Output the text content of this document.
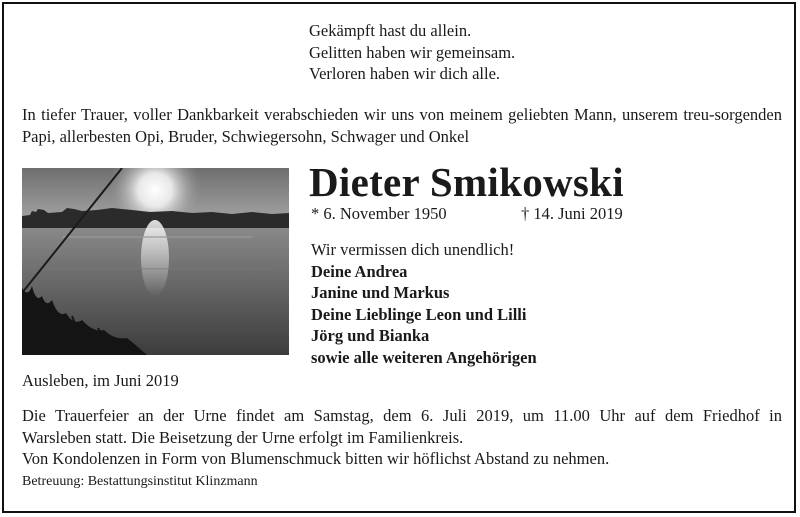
Gekämpft hast du allein.
Gelitten haben wir gemeinsam.
Verloren haben wir dich alle.
In tiefer Trauer, voller Dankbarkeit verabschieden wir uns von meinem geliebten Mann, unserem treu-sorgenden Papi, allerbesten Opi, Bruder, Schwiegersohn, Schwager und Onkel
Dieter Smikowski
* 6. November 1950	† 14. Juni 2019
Wir vermissen dich unendlich!
Deine Andrea
Janine und Markus
Deine Lieblinge Leon und Lilli
Jörg und Bianka
sowie alle weiteren Angehörigen
Ausleben, im Juni 2019
Die Trauerfeier an der Urne findet am Samstag, dem 6. Juli 2019, um 11.00 Uhr auf dem Friedhof in
Warsleben statt. Die Beisetzung der Urne erfolgt im Familienkreis.
Von Kondolenzen in Form von Blumenschmuck bitten wir höflichst Abstand zu nehmen.
Betreuung: Bestattungsinstitut Klinzmann
